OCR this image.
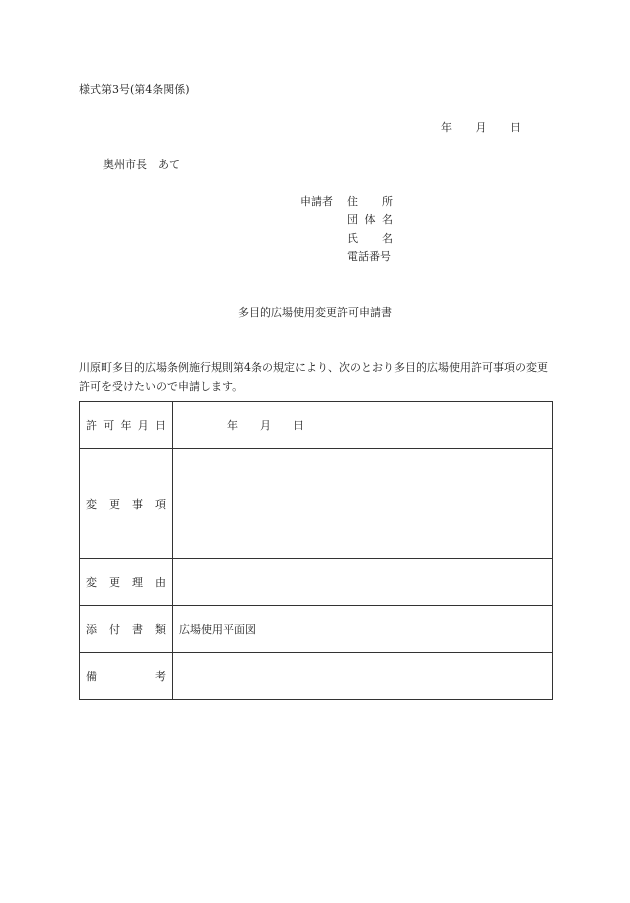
様式第3号(第4条関係)
年 月 日
奥州市長　あて
申請者 住 所
団 体 名
氏 名
電話番号
多目的広場使用変更許可申請書
川原町多目的広場条例施行規則第4条の規定により、次のとおり多目的広場使用許可事項の変更許可を受けたいので申請します。
許 可 年 月 日	年 月 日

変 更 事 項	

変 更 理 由	

添 付 書 類	広場使用平面図

備 考	
